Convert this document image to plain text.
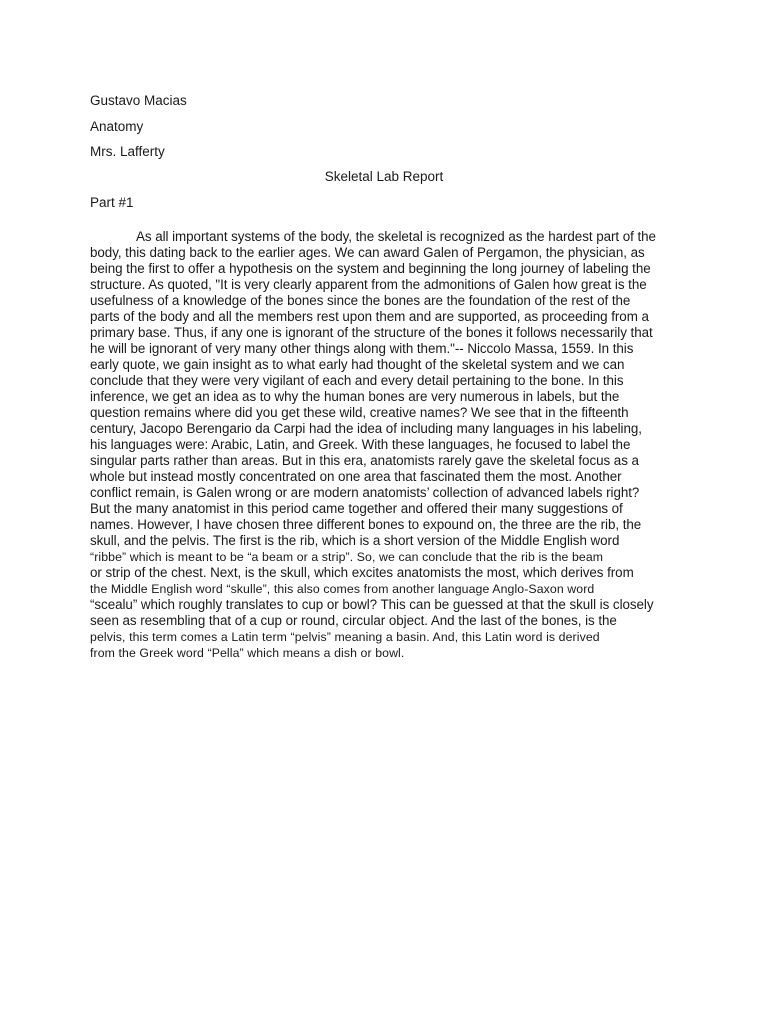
Gustavo Macias
Anatomy
Mrs. Lafferty
Skeletal Lab Report
Part #1
As all important systems of the body, the skeletal is recognized as the hardest part of the
body, this dating back to the earlier ages. We can award Galen of Pergamon, the physician, as
being the first to offer a hypothesis on the system and beginning the long journey of labeling the
structure. As quoted, "It is very clearly apparent from the admonitions of Galen how great is the
usefulness of a knowledge of the bones since the bones are the foundation of the rest of the
parts of the body and all the members rest upon them and are supported, as proceeding from a
primary base. Thus, if any one is ignorant of the structure of the bones it follows necessarily that
he will be ignorant of very many other things along with them."-- Niccolo Massa, 1559. In this
early quote, we gain insight as to what early had thought of the skeletal system and we can
conclude that they were very vigilant of each and every detail pertaining to the bone. In this
inference, we get an idea as to why the human bones are very numerous in labels, but the
question remains where did you get these wild, creative names? We see that in the fifteenth
century, Jacopo Berengario da Carpi had the idea of including many languages in his labeling,
his languages were: Arabic, Latin, and Greek. With these languages, he focused to label the
singular parts rather than areas. But in this era, anatomists rarely gave the skeletal focus as a
whole but instead mostly concentrated on one area that fascinated them the most. Another
conflict remain, is Galen wrong or are modern anatomists’ collection of advanced labels right?
But the many anatomist in this period came together and offered their many suggestions of
names. However, I have chosen three different bones to expound on, the three are the rib, the
skull, and the pelvis. The first is the rib, which is a short version of the Middle English word
“ribbe” which is meant to be “a beam or a strip”. So, we can conclude that the rib is the beam
or strip of the chest. Next, is the skull, which excites anatomists the most, which derives from
the Middle English word “skulle”, this also comes from another language Anglo-Saxon word
“scealu” which roughly translates to cup or bowl? This can be guessed at that the skull is closely
seen as resembling that of a cup or round, circular object. And the last of the bones, is the
pelvis, this term comes a Latin term “pelvis” meaning a basin. And, this Latin word is derived
from the Greek word “Pella” which means a dish or bowl.
